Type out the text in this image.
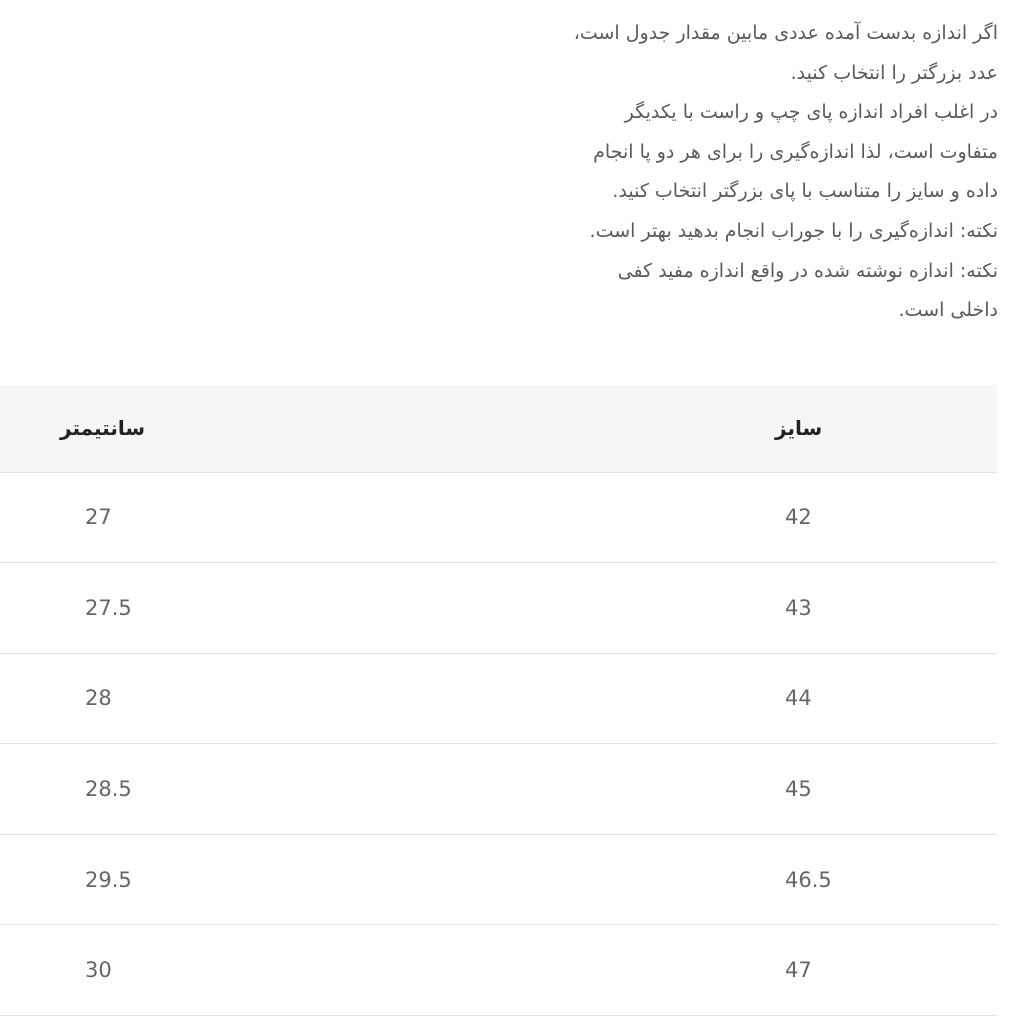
اگر اندازه بدست آمده عددی مابین مقدار جدول است،
عدد بزرگتر را انتخاب کنید.
در اغلب افراد اندازه پای چپ و راست با یکدیگر
متفاوت است، لذا اندازه‌گیری را برای هر دو پا انجام
داده و سایز را متناسب با پای بزرگتر انتخاب کنید.
نکته: اندازه‌گیری را با جوراب انجام بدهید بهتر است.
نکته: اندازه نوشته شده در واقع اندازه مفید کفی
داخلی است.
سانتیمتر	سایز
27	42
27.5	43
28	44
28.5	45
29.5	46.5
30	47
